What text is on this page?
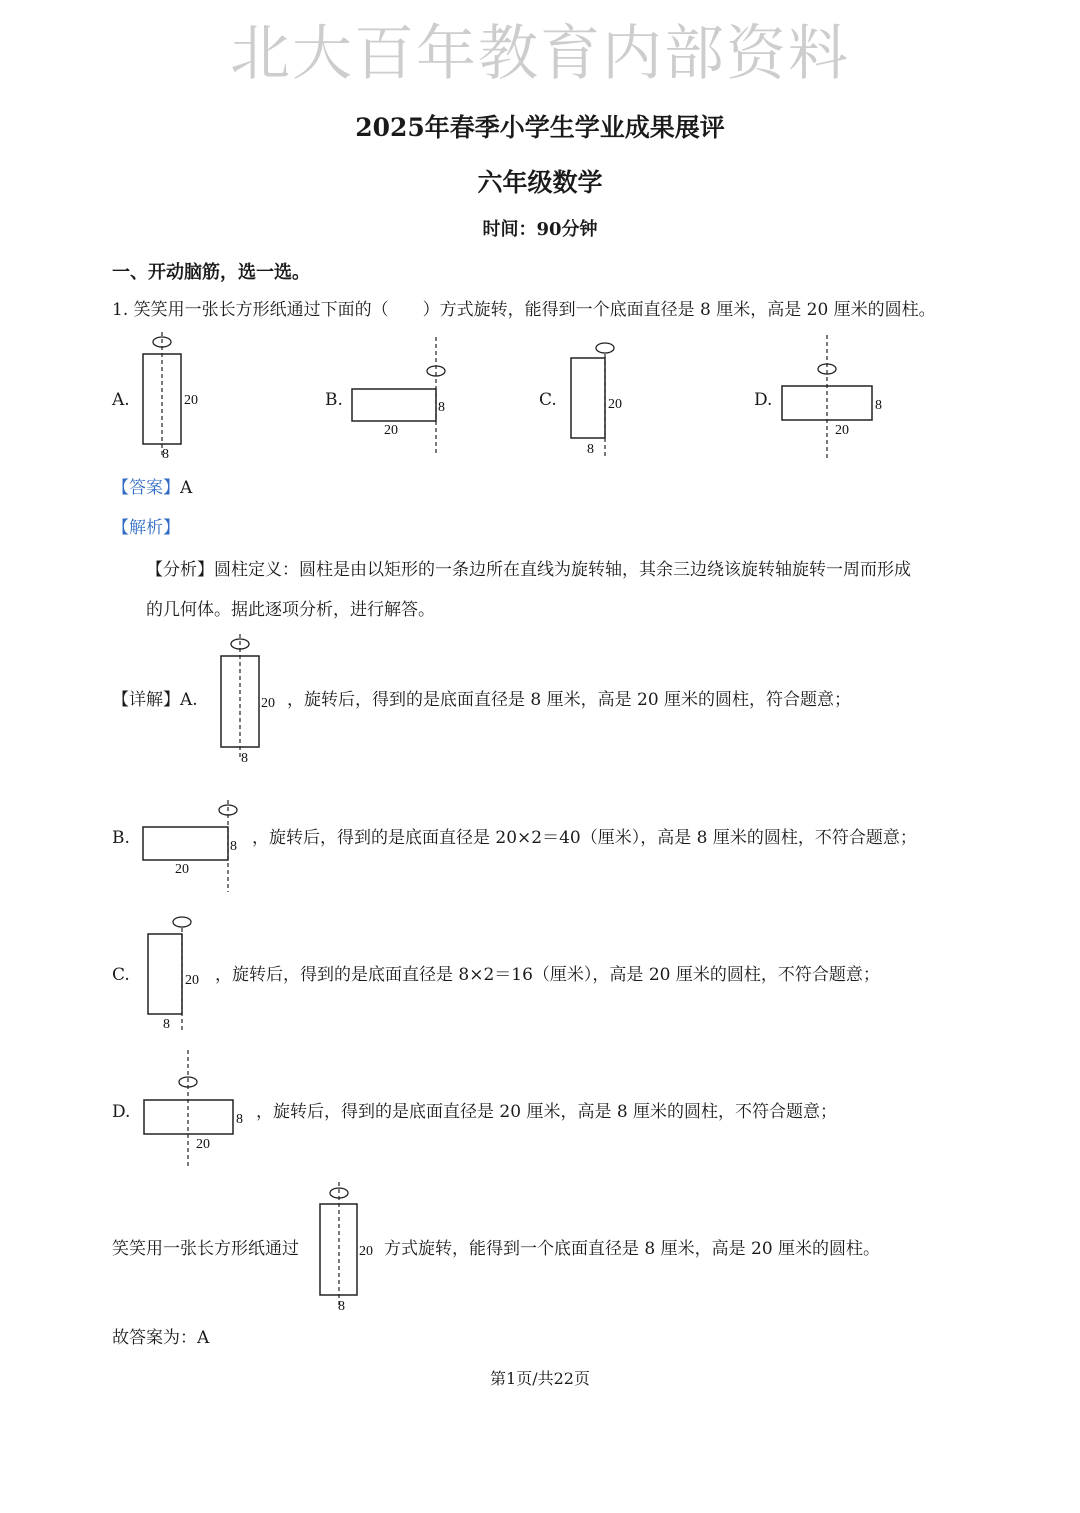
北大百年教育内部资料
2025年春季小学生学业成果展评
六年级数学
时间：90分钟
一、开动脑筋，选一选。
1. 笑笑用一张长方形纸通过下面的（　　）方式旋转，能得到一个底面直径是 8 厘米，高是 20 厘米的圆柱。
A.	20
8
B.	8
20
C.	20
8
D.	8
20
【答案】A
【解析】
【分析】圆柱定义：圆柱是由以矩形的一条边所在直线为旋转轴，其余三边绕该旋转轴旋转一周而形成
的几何体。据此逐项分析，进行解答。
【详解】A.	20
8
，旋转后，得到的是底面直径是 8 厘米，高是 20 厘米的圆柱，符合题意；
B.	8
20
，旋转后，得到的是底面直径是 20×2＝40（厘米），高是 8 厘米的圆柱，不符合题意；
C.	20
8
，旋转后，得到的是底面直径是 8×2＝16（厘米），高是 20 厘米的圆柱，不符合题意；
D.	8
20
，旋转后，得到的是底面直径是 20 厘米，高是 8 厘米的圆柱，不符合题意；
笑笑用一张长方形纸通过	20
8
方式旋转，能得到一个底面直径是 8 厘米，高是 20 厘米的圆柱。
故答案为：A
第1页/共22页
